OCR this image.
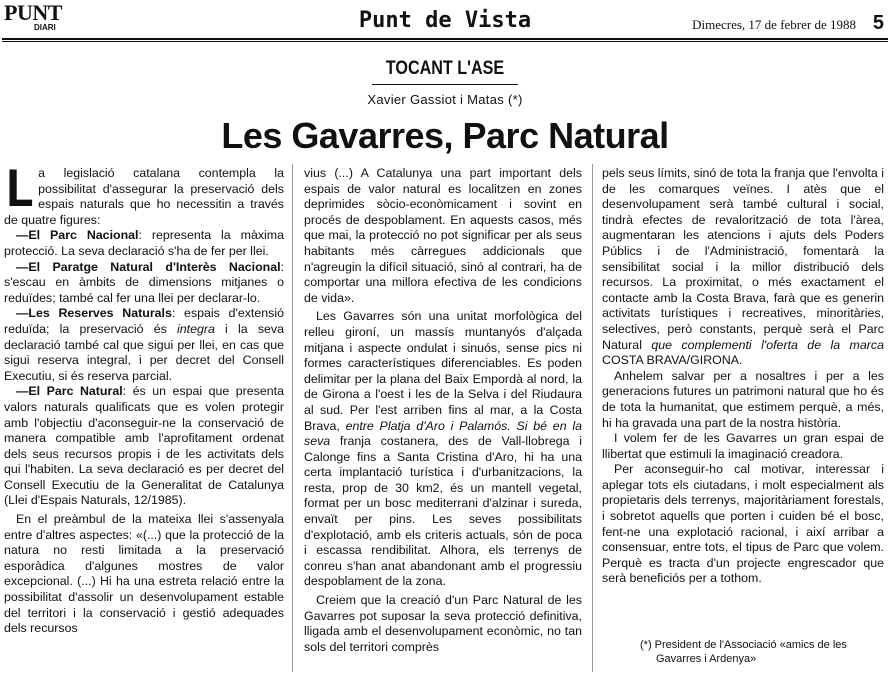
PUNT
DIARI	Punt de Vista	Dimecres, 17 de febrer de 1988 5
TOCANT L'ASE
Xavier Gassiot i Matas (*)
Les Gavarres, Parc Natural

La legislació catalana contempla la possibilitat d'assegurar la preservació dels espais naturals que ho necessitin a través de quatre figures:

—El Parc Nacional: representa la màxima protecció. La seva declaració s'ha de fer per llei.

—El Paratge Natural d'Interès Nacional: s'escau en àmbits de dimensions mitjanes o reduïdes; també cal fer una llei per declarar-lo.

—Les Reserves Naturals: espais d'extensió reduïda; la preservació és integra i la seva declaració també cal que sigui per llei, en cas que sigui reserva integral, i per decret del Consell Executiu, si és reserva parcial.

—El Parc Natural: és un espai que presenta valors naturals qualificats que es volen protegir amb l'objectiu d'aconseguir-ne la conservació de manera compatible amb l'aprofitament ordenat dels seus recursos propis i de les activitats dels qui l'habiten. La seva declaració es per decret del Consell Executiu de la Generalitat de Catalunya (Llei d'Espais Naturals, 12/1985).

En el preàmbul de la mateixa llei s'assenyala entre d'altres aspectes: «(...) que la protecció de la natura no resti limitada a la preservació esporàdica d'algunes mostres de valor excepcional. (...) Hi ha una estreta relació entre la possibilitat d'assolir un desenvolupament estable del territori i la conservació i gestió adequades dels recursos

vius (...) A Catalunya una part important dels espais de valor natural es localitzen en zones deprimides sòcio-econòmicament i sovint en procés de despoblament. En aquests casos, més que mai, la protecció no pot significar per als seus habitants més càrregues addicionals que n'agreugin la difícil situació, sinó al contrari, ha de comportar una millora efectiva de les condicions de vida».

Les Gavarres són una unitat morfològica del relleu gironí, un massís muntanyós d'alçada mitjana i aspecte ondulat i sinuós, sense pics ni formes característiques diferenciables. Es poden delimitar per la plana del Baix Empordà al nord, la de Girona a l'oest i les de la Selva i del Riudaura al sud. Per l'est arriben fins al mar, a la Costa Brava, entre Platja d'Aro i Palamós. Si bé en la seva franja costanera, des de Vall-llobrega i Calonge fins a Santa Cristina d'Aro, hi ha una certa implantació turística i d'urbanitzacions, la resta, prop de 30 km2, és un mantell vegetal, format per un bosc mediterrani d'alzinar i sureda, envaït per pins. Les seves possibilitats d'explotació, amb els criteris actuals, són de poca i escassa rendibilitat. Alhora, els terrenys de conreu s'han anat abandonant amb el progressiu despoblament de la zona.

Creiem que la creació d'un Parc Natural de les Gavarres pot suposar la seva protecció definitiva, lligada amb el desenvolupament econòmic, no tan sols del territori comprès

pels seus límits, sinó de tota la franja que l'envolta i de les comarques veïnes. I atès que el desenvolupament serà també cultural i social, tindrà efectes de revalorització de tota l'àrea, augmentaran les atencions i ajuts dels Poders Públics i de l'Administració, fomentarà la sensibilitat social i la millor distribució dels recursos. La proximitat, o més exactament el contacte amb la Costa Brava, farà que es generin activitats turístiques i recreatives, minoritàries, selectives, però constants, perquè serà el Parc Natural que complementi l'oferta de la marca COSTA BRAVA/GIRONA.

Anhelem salvar per a nosaltres i per a les generacions futures un patrimoni natural que ho és de tota la humanitat, que estimem perquè, a més, hi ha gravada una part de la nostra història.

I volem fer de les Gavarres un gran espai de llibertat que estimuli la imaginació creadora.

Per aconseguir-ho cal motivar, interessar i aplegar tots els ciutadans, i molt especialment als propietaris dels terrenys, majoritàriament forestals, i sobretot aquells que porten i cuiden bé el bosc, fent-ne una explotació racional, i així arribar a consensuar, entre tots, el tipus de Parc que volem. Perquè es tracta d'un projecte engrescador que serà beneficiós per a tothom.

(*) President de l'Associació «amics de les
Gavarres i Ardenya»
